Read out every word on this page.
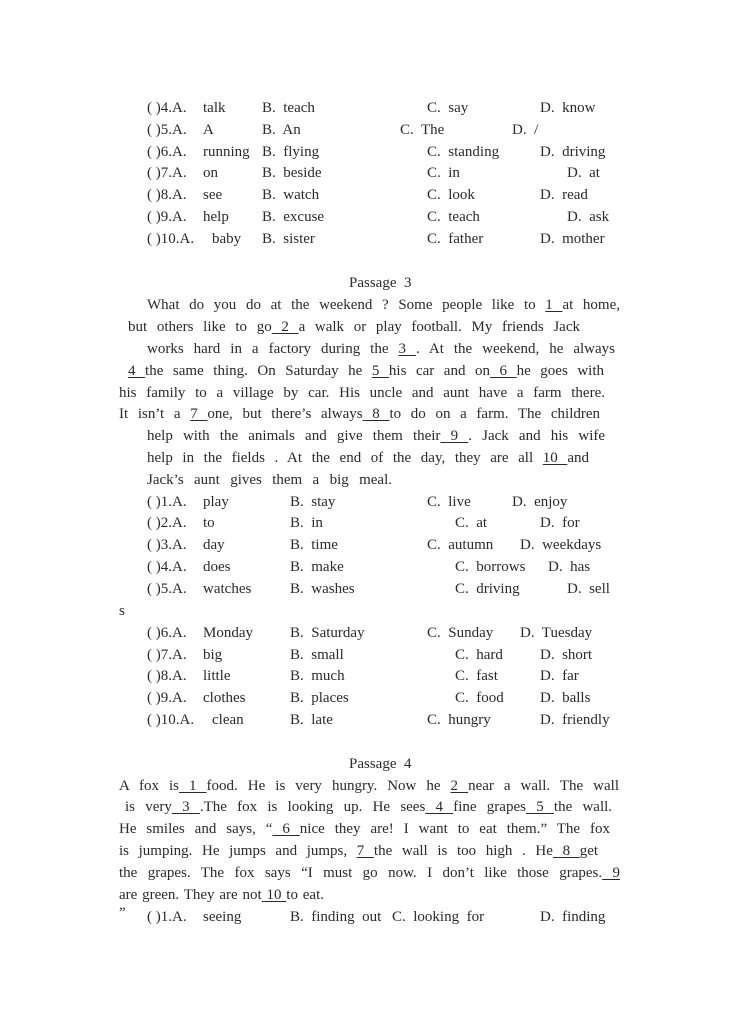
( )4.A. talk B.  teach	C.  say	D.  know
( )5.A. A	B.  An	C.  The	D.  /
( )6.A. running B.  flying	C.  standing	D.  driving
( )7.A. on	B.  beside	C.  in	D.  at
( )8.A. see	B.  watch	C.  look	D.  read
( )9.A. help B.  excuse	C.  teach	D.  ask
( )10.A. baby B.  sister	C.  father	D.  mother
Passage  3
What do you do at the weekend ? Some people like to 1 at home,
but others like to go 2 a walk or play football. My friends Jack
works hard in a factory during the 3 . At the weekend, he always
4 the same thing. On Saturday he 5 his car and on 6 he goes with
his family to a village by car. His uncle and aunt have a farm there.
It isn’t a 7 one, but there’s always 8 to do on a farm. The children
help with the animals and give them their 9 . Jack and his wife
help in the fields . At the end of the day, they are all 10 and
Jack’s aunt gives them a big meal.
( )1.A. play	B.  stay	C.  live	D.  enjoy
( )2.A. to	B.  in	C.  at	D.  for
( )3.A. day	B.  time	C.  autumn D.  weekdays
( )4.A. does	B.  make	C.  borrows D.  has
( )5.A. watches	B.  washes	C.  driving	D.  sell
s
( )6.A. Monday B.  Saturday	C.  Sunday D.  Tuesday
( )7.A. big	B.  small	C.  hard D.  short
( )8.A. little	B.  much	C.  fast	D.  far
( )9.A. clothes	B.  places	C.  food D.  balls
( )10.A. clean	B.  late	C.  hungry	D.  friendly
Passage  4
A fox is 1 food. He is very hungry. Now he 2 near a wall. The wall
is very 3 .The fox is looking up. He sees 4 fine grapes 5 the wall.
He smiles and says, “ 6 nice they are! I want to eat them.” The fox
is jumping. He jumps and jumps, 7 the wall is too high . He 8 get
the grapes. The fox says “I must go now. I don’t like those grapes. 9
are green. They are not 10 to eat. ”	( )1.A. seeing	B.  finding  out C.  looking  for	D.  finding
